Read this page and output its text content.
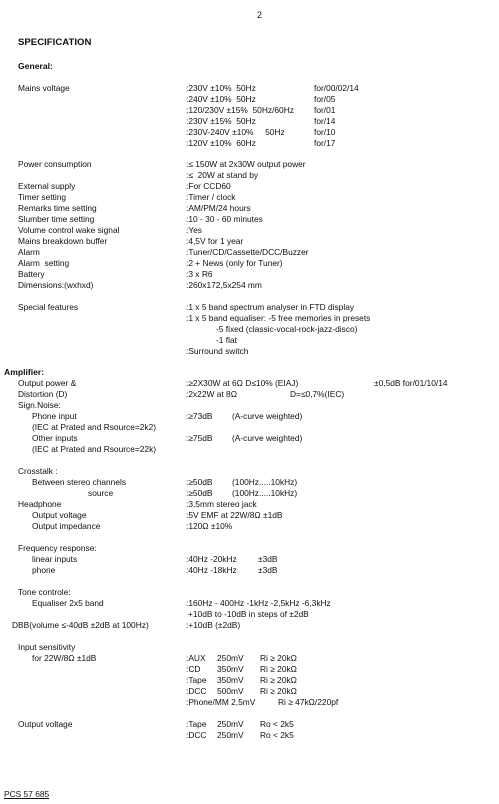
2
SPECIFICATION
General:
Mains voltage	:230V ±10%  50Hz	for/00/02/14
:240V ±10%  50Hz	for/05
:120/230V ±15%  50Hz/60Hz for/01
:230V ±15%  50Hz	for/14
:230V-240V ±10%     50Hz	for/10
:120V ±10%  60Hz	for/17
Power consumption	:≤ 150W at 2x30W output power
:≤  20W at stand by
External supply	:For CCD60
Timer setting	:Timer / clock
Remarks time setting	:AM/PM/24 hours
Slumber time setting	:10 - 30 - 60 minutes
Volume control wake signal	:Yes
Mains breakdown buffer	:4,5V for 1 year
Alarm	:Tuner/CD/Cassette/DCC/Buzzer
Alarm  setting	:2 + News (only for Tuner)
Battery	:3 x R6
Dimensions:(wxhxd)	:260x172,5x254 mm
Special features	:1 x 5 band spectrum analyser in FTD display
:1 x 5 band equaliser: -5 free memories in presets
-5 fixed (classic-vocal-rock-jazz-disco)
-1 flat
:Surround switch
Amplifier:
Output power &	:≥2X30W at 6Ω D≤10% (EIAJ)	±0,5dB for/01/10/14
Distortion (D)	:2x22W at 8Ω	D=≤0,7%(IEC)
Sign.Noise:
Phone input	:≥73dB (A-curve weighted)
(IEC at Prated and Rsource=2k2)
Other inputs	:≥75dB (A-curve weighted)
(IEC at Prated and Rsource=22k)
Crosstalk :
Between stereo channels	:≥50dB (100Hz.....10kHz)
source	:≥50dB (100Hz.....10kHz)
Headphone	:3,5mm stereo jack
Output voltage	:5V EMF at 22W/8Ω ±1dB
Output impedance	:120Ω ±10%
Frequency response:
linear inputs	:40Hz -20kHz	±3dB
phone	:40Hz -18kHz	±3dB
Tone controle:
Equaliser 2x5 band	:160Hz - 400Hz -1kHz -2,5kHz -6,3kHz
+10dB to -10dB in steps of ±2dB
DBB(volume ≤-40dB ±2dB at 100Hz)	:+10dB (±2dB)
Input sensitivity
for 22W/8Ω ±1dB	:AUX 250mV Ri ≥ 20kΩ
:CD 350mV Ri ≥ 20kΩ
:Tape 350mV Ri ≥ 20kΩ
:DCC 500mV Ri ≥ 20kΩ
:Phone/MM 2,5mV	Ri ≥ 47kΩ/220pf
Output voltage	:Tape 250mV Ro < 2k5
:DCC 250mV Ro < 2k5
PCS 57 685
